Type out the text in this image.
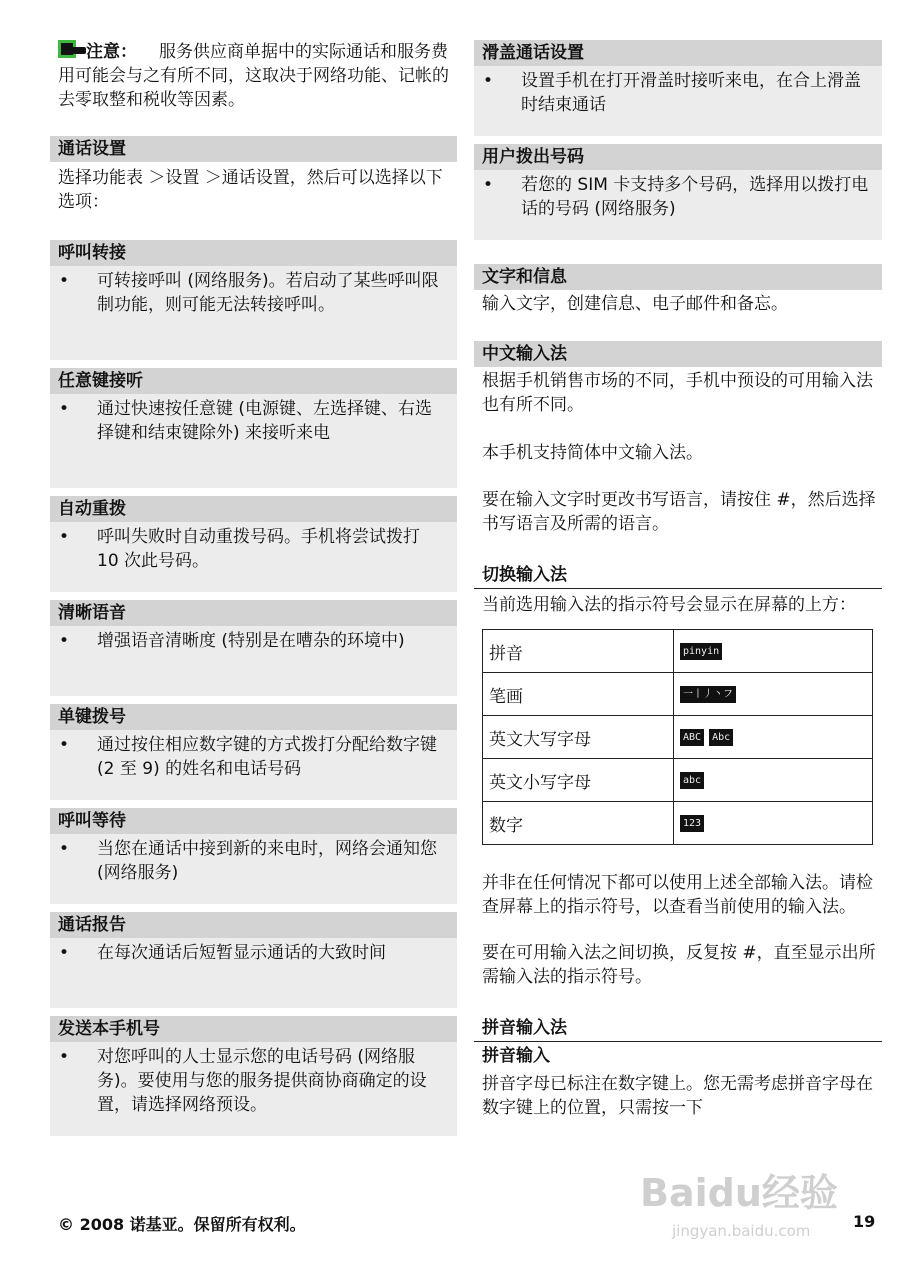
注意： 服务供应商单据中的实际通话和服务费用可能会与之有所不同，这取决于网络功能、记帐的去零取整和税收等因素。
通话设置
选择功能表 ＞设置 ＞通话设置，然后可以选择以下选项：
呼叫转接
• 可转接呼叫 (网络服务)。若启动了某些呼叫限制功能，则可能无法转接呼叫。
任意键接听
• 通过快速按任意键 (电源键、左选择键、右选择键和结束键除外) 来接听来电
自动重拨
• 呼叫失败时自动重拨号码。手机将尝试拨打 10 次此号码。
清晰语音
• 增强语音清晰度 (特别是在嘈杂的环境中)
单键拨号
• 通过按住相应数字键的方式拨打分配给数字键 (2 至 9) 的姓名和电话号码
呼叫等待
• 当您在通话中接到新的来电时，网络会通知您 (网络服务)
通话报告
• 在每次通话后短暂显示通话的大致时间
发送本手机号
• 对您呼叫的人士显示您的电话号码 (网络服务)。要使用与您的服务提供商协商确定的设置，请选择网络预设。
滑盖通话设置
• 设置手机在打开滑盖时接听来电，在合上滑盖时结束通话
用户拨出号码
• 若您的 SIM 卡支持多个号码，选择用以拨打电话的号码 (网络服务)
文字和信息
输入文字，创建信息、电子邮件和备忘。
中文输入法
根据手机销售市场的不同，手机中预设的可用输入法也有所不同。
本手机支持简体中文输入法。
要在输入文字时更改书写语言，请按住 #，然后选择书写语言及所需的语言。
切换输入法
当前选用输入法的指示符号会显示在屏幕的上方：
拼音	pinyin
笔画	一丨丿丶フ
英文大写字母	ABC Abc
英文小写字母	abc
数字	123
并非在任何情况下都可以使用上述全部输入法。请检查屏幕上的指示符号，以查看当前使用的输入法。
要在可用输入法之间切换，反复按 #，直至显示出所需输入法的指示符号。
拼音输入法
拼音输入
拼音字母已标注在数字键上。您无需考虑拼音字母在数字键上的位置，只需按一下
Baidu经验
jingyan.baidu.com
© 2008 诺基亚。保留所有权利。	19
